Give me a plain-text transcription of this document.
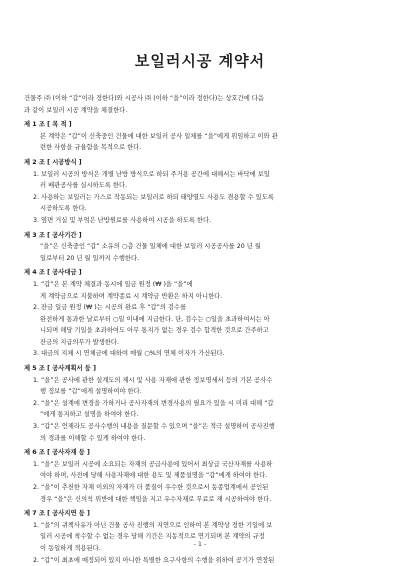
보일러시공 계약서
건물주 ㈜ (이하 “갑”이라 정한다)와 시공사 ㈜ (이하 “을”이라 정한다)는 상호간에 다음
과 같이 보일러 시공 계약을 체결한다.
제 1 조 [ 목 적 ]
본 계약은 “갑”이 신축중인 건물에 대한 보일러 공사 일체를 “을”에게 위임하고 이와 관
련한 사항을 규율함을 목적으로 한다.
제 2 조 [ 시공방식 ]
1. 보일러 시공의 방식은 개별 난방 방식으로 하되 주거용 공간에 대해서는 바닥에 보일
러 배관공사를 실시하도록 한다.
2. 사용하는 보일러는 가스로 작동되는 보일러로 하되 태양열도 사용도 겸용할 수 있도록
시공하도록 한다.
3. 옆면 거실 및 부엌은 난방원료를 사용하여 시공을 하도록 한다.
제 3 조 [ 공사기간 ]
“을”은 신축중인 “갑” 소유의 ○층 건물 일체에 대한 보일러 시공공사를 20 년 월
일로부터 20 년 월 일까지 수행한다.
제 4 조 [ 공사대금 ]
1. “갑”은 본 계약 체결과 동시에 일금 원정 (₩ )을 “을”에
게 계약금으로 지불하며 계약종료 시 계약금 반환은 하지 아니한다.
2. 잔금 일금 원정 (₩ )는 시공의 완료 후 “갑”의 검수를
완전하게 통과한 날로부터 ○일 이내에 지급한다. 단, 검수는 ○일을 초과하여서는 아
니되며 해당 기일을 초과하여도 아무 통지가 없는 경우 검수 합격한 것으로 간주하고
잔금의 지급의무가 발생한다.
3. 대금의 지체 시 연체금에 대하여 매월 ○%의 연체 이자가 가산된다.
제 5 조 [ 공사계획서 등 ]
1. “을”은 공사에 관한 설계도의 제시 및 사용 자재에 관한 정보명세서 등의 기본 공사수
행 정보를 “갑”에게 설명하여야 한다.
2. “을”은 설계에 변경을 가하거나 공사자재의 변경사용의 필요가 있을 시 미리 대해 “갑
”에게 통지하고 설명을 하여야 한다.
3. “갑”은 언제라도 공사수행의 내용을 질문할 수 있으며 “을”은 적극 설명하여 공사진행
의 경과를 이해할 수 있게 하여야 한다.
제 6 조 [ 공사자재 등 ]
1. “을”은 보일러 시공에 소요되는 자재의 공급사용에 있어서 최상급 국산자재를 사용하
여야 하며, 사전에 당해 사용자재에 대한 용도 및 제품설명을 “갑”에게 하여야 한다.
2. “을”이 추천한 자재 이외의 자재가 더 품질이 우수한 것으로서 동종업계에서 공인된
경우 “을”은 신의칙 위반에 대한 책임을 지고 우수자재로 무료로 재 시공하여야 한다.
제 7 조 [ 공사지연 등 ]
1. “을”의 귀책사유가 아닌 건물 공사 진행의 지연으로 인하여 본 계약상 정한 기일에 보
일러 시공에 착수할 수 없는 경우 당해 기간은 지동적으로 연기되며 본 계약의 규정
이 동일하게 적용된다.
2. “갑”이 최초에 매정되어 있지 아니한 특별한 요구사항의 수행을 위하여 공기가 연장된
- 1 -
